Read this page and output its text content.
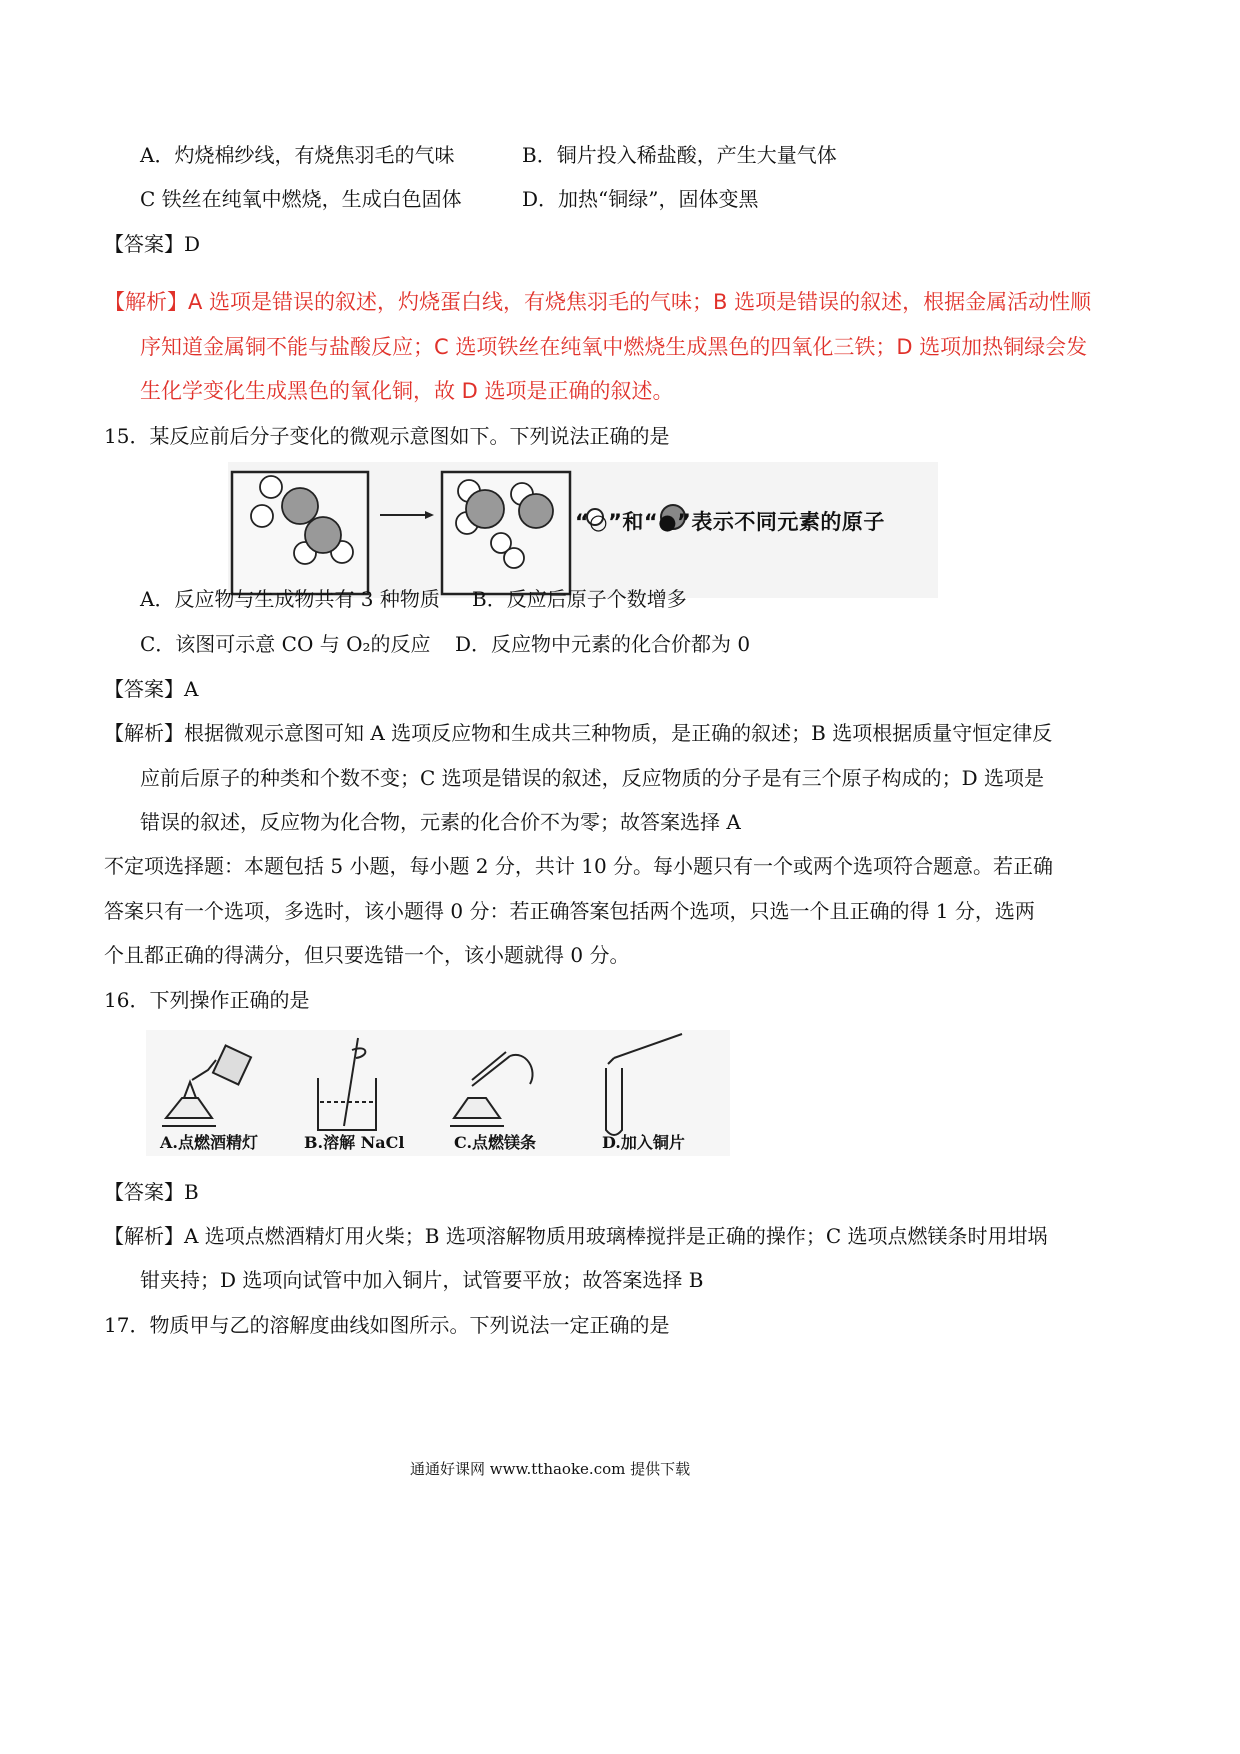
A．灼烧棉纱线，有烧焦羽毛的气味	B．铜片投入稀盐酸，产生大量气体
C 铁丝在纯氧中燃烧，生成白色固体	D．加热“铜绿”，固体变黑
【答案】D
【解析】A 选项是错误的叙述，灼烧蛋白线，有烧焦羽毛的气味；B 选项是错误的叙述，根据金属活动性顺
序知道金属铜不能与盐酸反应；C 选项铁丝在纯氧中燃烧生成黑色的四氧化三铁；D 选项加热铜绿会发
生化学变化生成黑色的氧化铜，故 D 选项是正确的叙述。
15．某反应前后分子变化的微观示意图如下。下列说法正确的是
“○”和“●”表示不同元素的原子
A．反应物与生成物共有 3 种物质 B．反应后原子个数增多
C．该图可示意 CO 与 O₂的反应 D．反应物中元素的化合价都为 0
【答案】A
【解析】根据微观示意图可知 A 选项反应物和生成共三种物质，是正确的叙述；B 选项根据质量守恒定律反
应前后原子的种类和个数不变；C 选项是错误的叙述，反应物质的分子是有三个原子构成的；D 选项是
错误的叙述，反应物为化合物，元素的化合价不为零；故答案选择 A
不定项选择题：本题包括 5 小题，每小题 2 分，共计 10 分。每小题只有一个或两个选项符合题意。若正确
答案只有一个选项，多选时，该小题得 0 分：若正确答案包括两个选项，只选一个且正确的得 1 分，选两
个且都正确的得满分，但只要选错一个，该小题就得 0 分。
16．下列操作正确的是
A.点燃酒精灯	B.溶解 NaCl	C.点燃镁条	D.加入铜片
【答案】B
【解析】A 选项点燃酒精灯用火柴；B 选项溶解物质用玻璃棒搅拌是正确的操作；C 选项点燃镁条时用坩埚
钳夹持；D 选项向试管中加入铜片，试管要平放；故答案选择 B
17．物质甲与乙的溶解度曲线如图所示。下列说法一定正确的是
通通好课网 www.tthaoke.com 提供下载
